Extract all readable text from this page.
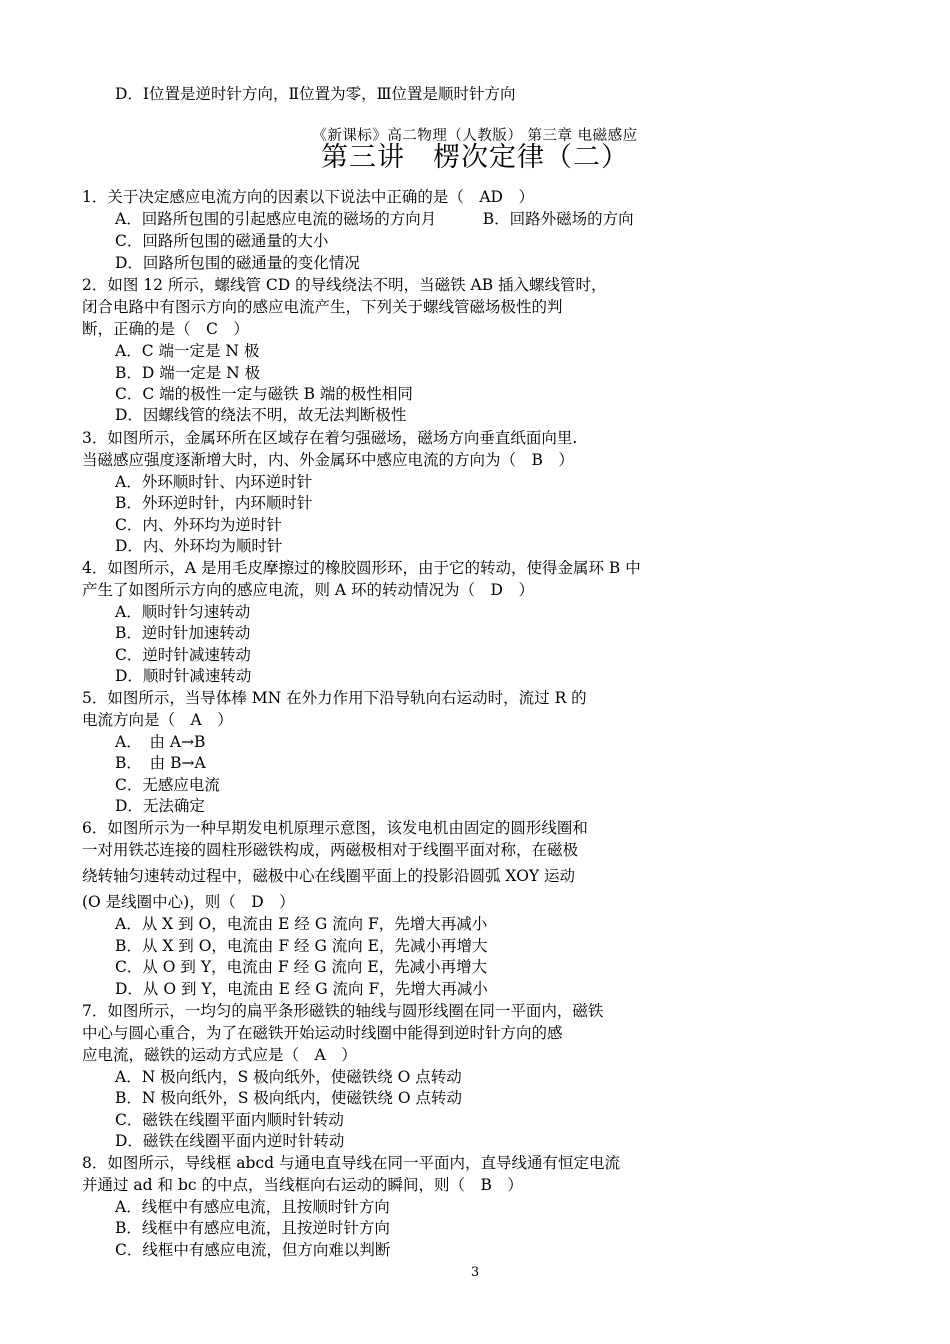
D．Ⅰ位置是逆时针方向，Ⅱ位置为零，Ⅲ位置是顺时针方向
《新课标》高二物理（人教版） 第三章 电磁感应
第三讲　楞次定律（二）
1．关于决定感应电流方向的因素以下说法中正确的是（　AD　）
A．回路所包围的引起感应电流的磁场的方向月　　　B．回路外磁场的方向
C．回路所包围的磁通量的大小
D．回路所包围的磁通量的变化情况
2．如图 12 所示，螺线管 CD 的导线绕法不明，当磁铁 AB 插入螺线管时，
闭合电路中有图示方向的感应电流产生，下列关于螺线管磁场极性的判
断，正确的是（　C　）
A．C 端一定是 N 极
B．D 端一定是 N 极
C．C 端的极性一定与磁铁 B 端的极性相同
D．因螺线管的绕法不明，故无法判断极性
3．如图所示，金属环所在区域存在着匀强磁场，磁场方向垂直纸面向里.
当磁感应强度逐渐增大时，内、外金属环中感应电流的方向为（　B　）
A．外环顺时针、内环逆时针
B．外环逆时针，内环顺时针
C．内、外环均为逆时针
D．内、外环均为顺时针
4．如图所示，A 是用毛皮摩擦过的橡胶圆形环，由于它的转动，使得金属环 B 中
产生了如图所示方向的感应电流，则 A 环的转动情况为（　D　）
A．顺时针匀速转动
B．逆时针加速转动
C．逆时针减速转动
D．顺时针减速转动
5．如图所示，当导体棒 MN 在外力作用下沿导轨向右运动时，流过 R 的
电流方向是（　A　）
A．　由 A→B
B．　由 B→A
C．无感应电流
D．无法确定
6．如图所示为一种早期发电机原理示意图，该发电机由固定的圆形线圈和
一对用铁芯连接的圆柱形磁铁构成，两磁极相对于线圈平面对称，在磁极
绕转轴匀速转动过程中，磁极中心在线圈平面上的投影沿圆弧 XOY 运动
(O 是线圈中心)，则（　D　）
A．从 X 到 O，电流由 E 经 G 流向 F，先增大再减小
B．从 X 到 O，电流由 F 经 G 流向 E，先减小再增大
C．从 O 到 Y，电流由 F 经 G 流向 E，先减小再增大
D．从 O 到 Y，电流由 E 经 G 流向 F，先增大再减小
7．如图所示，一均匀的扁平条形磁铁的轴线与圆形线圈在同一平面内，磁铁
中心与圆心重合，为了在磁铁开始运动时线圈中能得到逆时针方向的感
应电流，磁铁的运动方式应是（　A　）
A．N 极向纸内，S 极向纸外，使磁铁绕 O 点转动
B．N 极向纸外，S 极向纸内，使磁铁绕 O 点转动
C．磁铁在线圈平面内顺时针转动
D．磁铁在线圈平面内逆时针转动
8．如图所示，导线框 abcd 与通电直导线在同一平面内，直导线通有恒定电流
并通过 ad 和 bc 的中点，当线框向右运动的瞬间，则（　B　）
A．线框中有感应电流，且按顺时针方向
B．线框中有感应电流，且按逆时针方向
C．线框中有感应电流，但方向难以判断
3
